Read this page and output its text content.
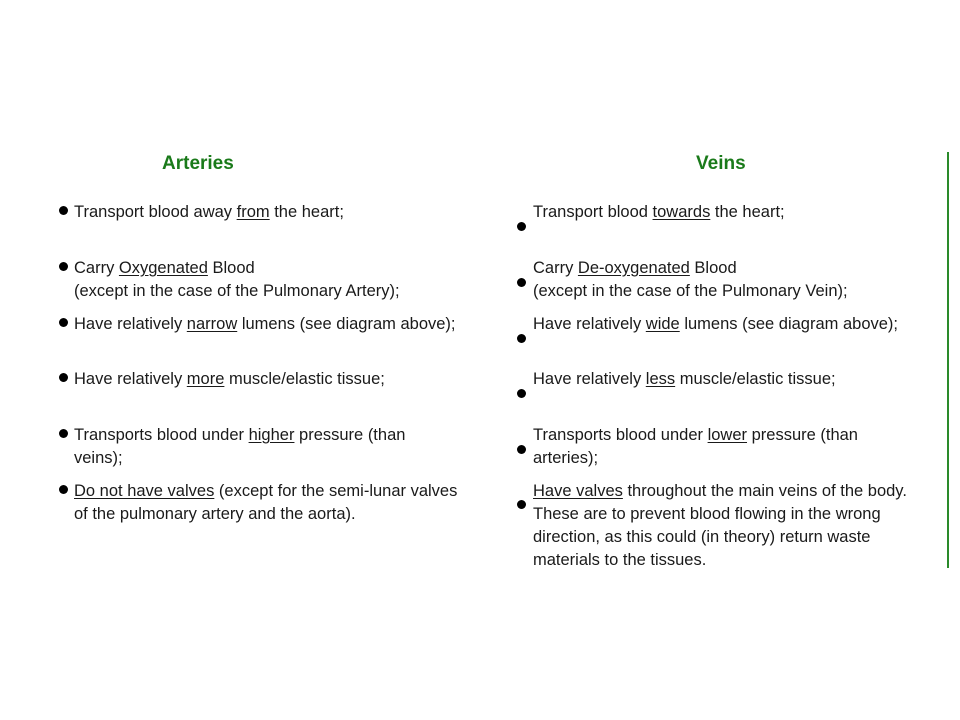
Arteries	Veins

Transport blood away from the heart;

Carry Oxygenated Blood

(except in the case of the Pulmonary Artery);

Have relatively narrow lumens (see diagram above);

Have relatively more muscle/elastic tissue;

Transports blood under higher pressure (than

veins);

Do not have valves (except for the semi-lunar valves

of the pulmonary artery and the aorta).

Transport blood towards the heart;

Carry De-oxygenated Blood

(except in the case of the Pulmonary Vein);

Have relatively wide lumens (see diagram above);

Have relatively less muscle/elastic tissue;

Transports blood under lower pressure (than

arteries);

Have valves throughout the main veins of the body.

These are to prevent blood flowing in the wrong

direction, as this could (in theory) return waste

materials to the tissues.
